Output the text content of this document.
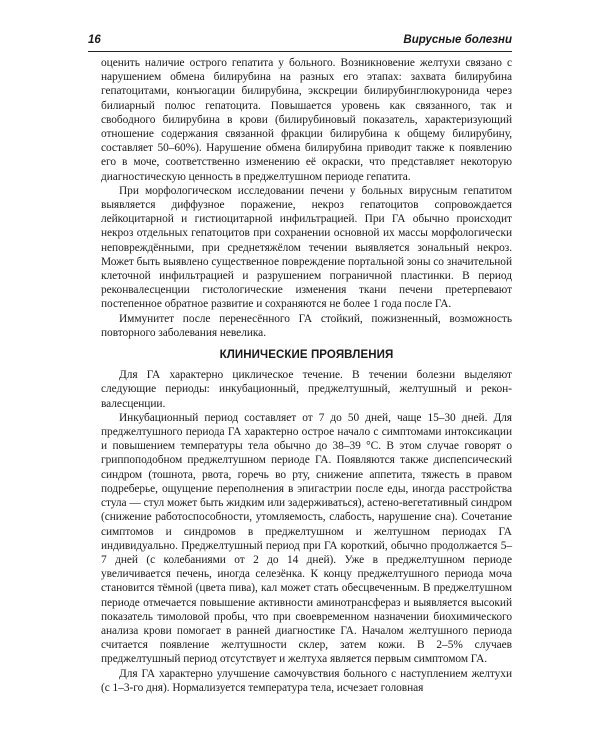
16	Вирусные болезни

оценить наличие острого гепатита у больного. Возникновение желтухи связано с нарушением обмена билирубина на разных его этапах: захвата билирубина гепатоцитами, конъюгации билирубина, экскреции билирубинглюкуронида через билиарный полюс гепатоцита. Повышается уровень как связанного, так и свободного билирубина в крови (билирубиновый показатель, характеризующий отношение содержания связанной фракции билирубина к общему билирубину, составляет 50–60%). Нарушение обмена билирубина приводит также к появлению его в моче, соответственно изменению её окраски, что представляет некоторую диагностическую ценность в преджелтушном периоде гепатита.

При морфологическом исследовании печени у больных вирусным гепатитом выявляется диффузное поражение, некроз гепатоцитов сопровождается лейкоцитарной и гистиоцитарной инфильтрацией. При ГА обычно происходит некроз отдельных гепатоцитов при сохранении основной их массы морфологически неповреждёнными, при среднетяжёлом течении выявляется зональный некроз. Может быть выявлено существенное повреждение портальной зоны со значительной клеточной инфильтрацией и разрушением пограничной пластинки. В период реконвалесценции гистологические изменения ткани печени претерпевают постепенное обратное развитие и сохраняются не более 1 года после ГА.

Иммунитет после перенесённого ГА стойкий, пожизненный, возможность повторного заболевания невелика.

КЛИНИЧЕСКИЕ ПРОЯВЛЕНИЯ

Для ГА характерно циклическое течение. В течении болезни выделяют следующие периоды: инкубационный, преджелтушный, желтушный и реконвалесценции.

Инкубационный период составляет от 7 до 50 дней, чаще 15–30 дней. Для преджелтушного периода ГА характерно острое начало с симптомами интоксикации и повышением температуры тела обычно до 38–39 °С. В этом случае говорят о гриппоподобном преджелтушном периоде ГА. Появляются также диспепсический синдром (тошнота, рвота, горечь во рту, снижение аппетита, тяжесть в правом подреберье, ощущение переполнения в эпигастрии после еды, иногда расстройства стула — стул может быть жидким или задерживаться), астено-вегетативный синдром (снижение работоспособности, утомляемость, слабость, нарушение сна). Сочетание симптомов и синдромов в преджелтушном и желтушном периодах ГА индивидуально. Преджелтушный период при ГА короткий, обычно продолжается 5–7 дней (с колебаниями от 2 до 14 дней). Уже в преджелтушном периоде увеличивается печень, иногда селезёнка. К концу преджелтушного периода моча становится тёмной (цвета пива), кал может стать обесцвеченным. В преджелтушном периоде отмечается повышение активности аминотрансфераз и выявляется высокий показатель тимоловой пробы, что при своевременном назначении биохимического анализа крови помогает в ранней диагностике ГА. Началом желтушного периода считается появление желтушности склер, затем кожи. В 2–5% случаев преджелтушный период отсутствует и желтуха является первым симптомом ГА.

Для ГА характерно улучшение самочувствия больного с наступлением желтухи (с 1–3-го дня). Нормализуется температура тела, исчезает головная
